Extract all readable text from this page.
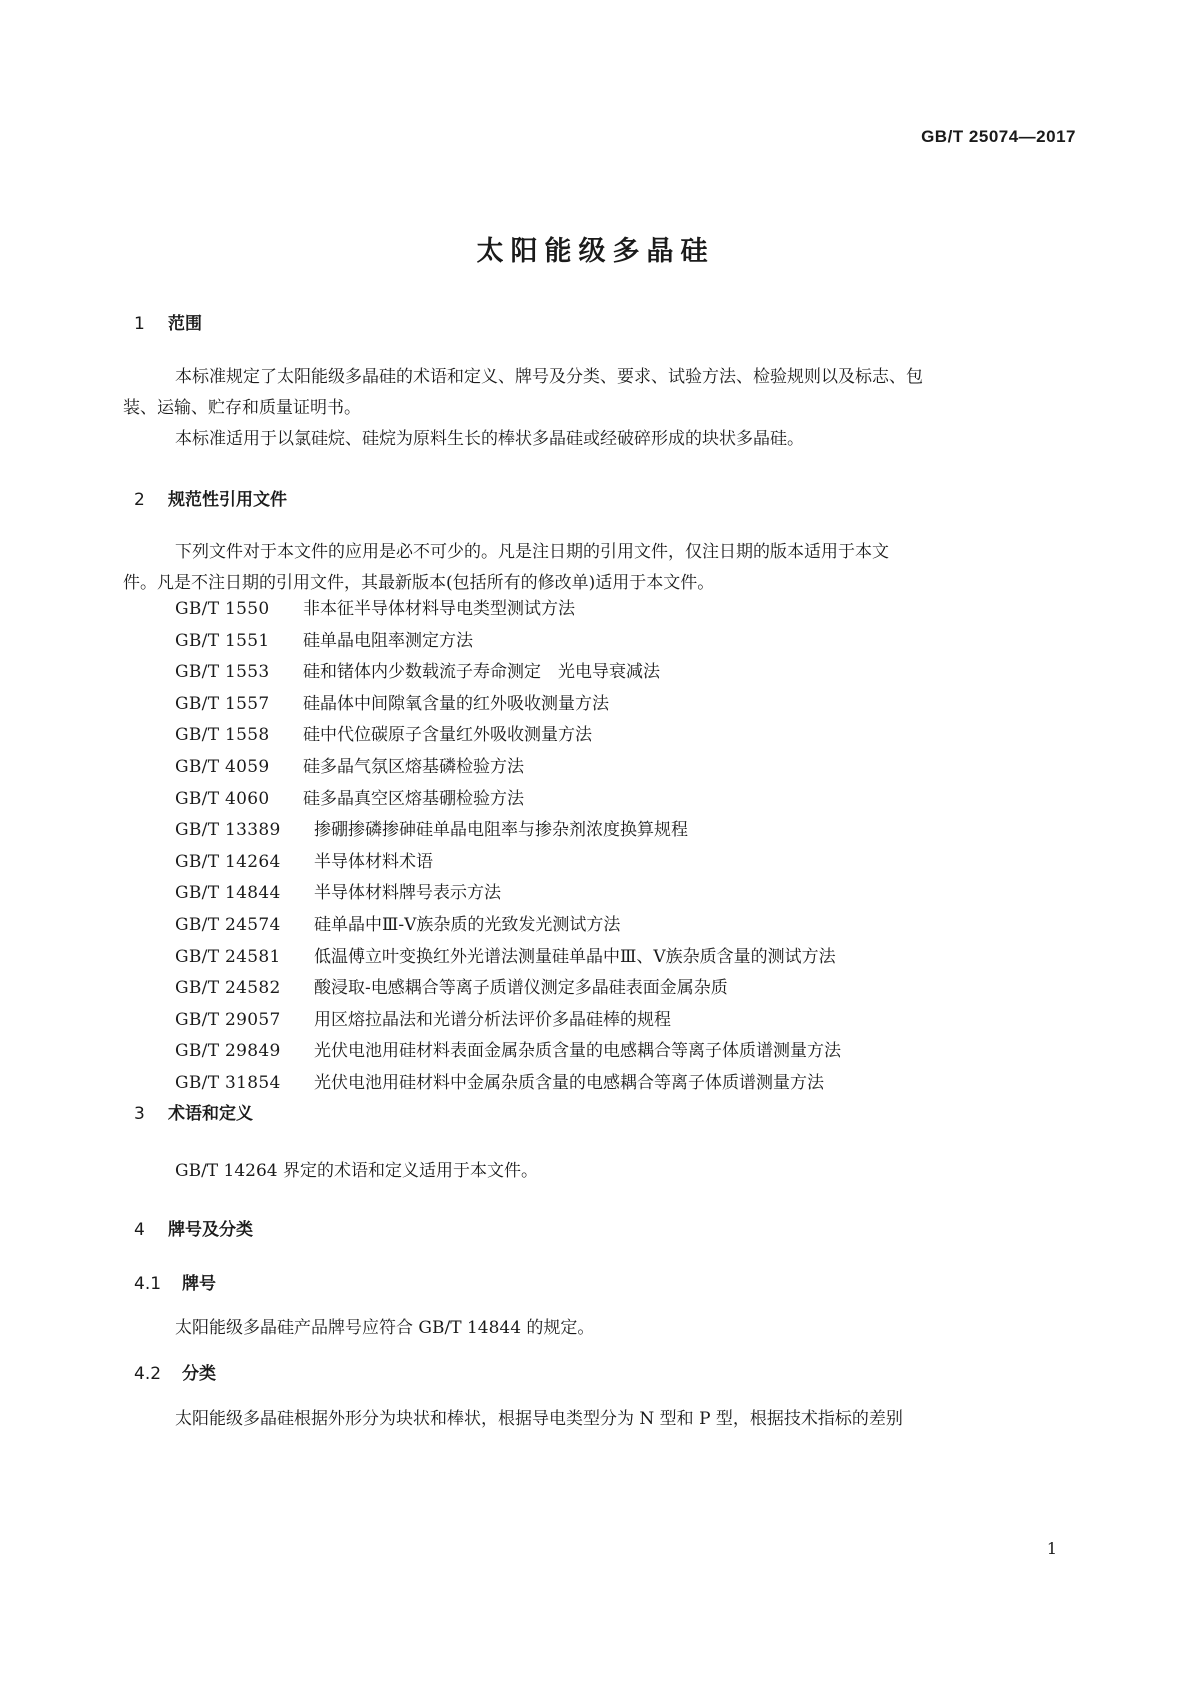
GB/T 25074—2017
太阳能级多晶硅
1 范围
本标准规定了太阳能级多晶硅的术语和定义、牌号及分类、要求、试验方法、检验规则以及标志、包
装、运输、贮存和质量证明书。
本标准适用于以氯硅烷、硅烷为原料生长的棒状多晶硅或经破碎形成的块状多晶硅。
2 规范性引用文件
下列文件对于本文件的应用是必不可少的。凡是注日期的引用文件，仅注日期的版本适用于本文
件。凡是不注日期的引用文件，其最新版本(包括所有的修改单)适用于本文件。
GB/T 1550 非本征半导体材料导电类型测试方法
GB/T 1551 硅单晶电阻率测定方法
GB/T 1553 硅和锗体内少数载流子寿命测定　光电导衰减法
GB/T 1557 硅晶体中间隙氧含量的红外吸收测量方法
GB/T 1558 硅中代位碳原子含量红外吸收测量方法
GB/T 4059 硅多晶气氛区熔基磷检验方法
GB/T 4060 硅多晶真空区熔基硼检验方法
GB/T 13389 掺硼掺磷掺砷硅单晶电阻率与掺杂剂浓度换算规程
GB/T 14264 半导体材料术语
GB/T 14844 半导体材料牌号表示方法
GB/T 24574 硅单晶中Ⅲ-Ⅴ族杂质的光致发光测试方法
GB/T 24581 低温傅立叶变换红外光谱法测量硅单晶中Ⅲ、Ⅴ族杂质含量的测试方法
GB/T 24582 酸浸取-电感耦合等离子质谱仪测定多晶硅表面金属杂质
GB/T 29057 用区熔拉晶法和光谱分析法评价多晶硅棒的规程
GB/T 29849 光伏电池用硅材料表面金属杂质含量的电感耦合等离子体质谱测量方法
GB/T 31854 光伏电池用硅材料中金属杂质含量的电感耦合等离子体质谱测量方法
3 术语和定义
GB/T 14264 界定的术语和定义适用于本文件。
4 牌号及分类
4.1 牌号
太阳能级多晶硅产品牌号应符合 GB/T 14844 的规定。
4.2 分类
太阳能级多晶硅根据外形分为块状和棒状，根据导电类型分为 N 型和 P 型，根据技术指标的差别
1
